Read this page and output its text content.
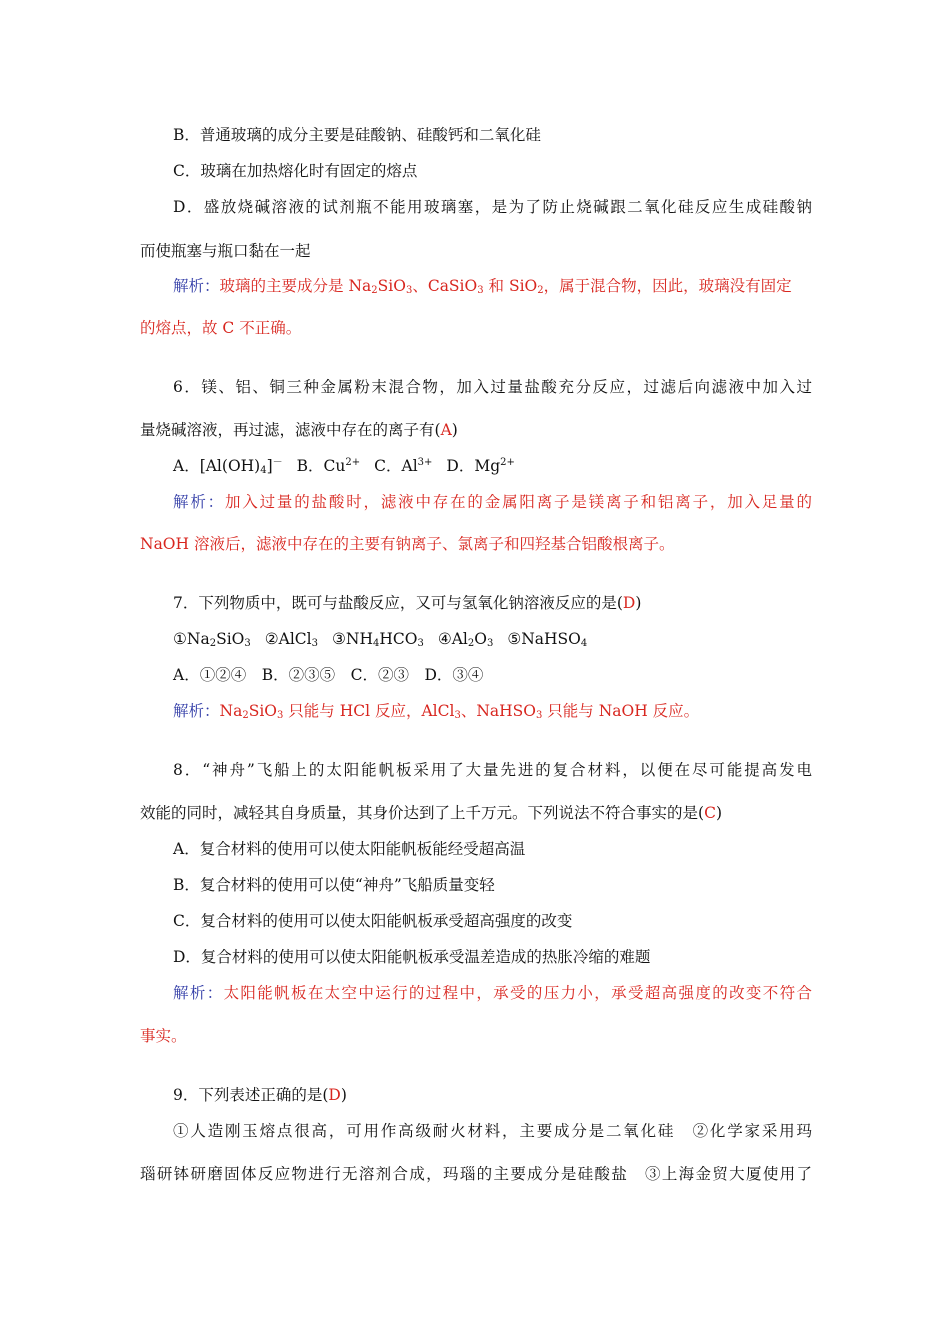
B．普通玻璃的成分主要是硅酸钠、硅酸钙和二氧化硅
C．玻璃在加热熔化时有固定的熔点
D．盛放烧碱溶液的试剂瓶不能用玻璃塞，是为了防止烧碱跟二氧化硅反应生成硅酸钠
而使瓶塞与瓶口黏在一起
解析：玻璃的主要成分是 $Na_2SiO_3$、CaSiO$_3$ 和 SiO$_2$，属于混合物，因此，玻璃没有固定
的熔点，故 C 不正确。
6．镁、铝、铜三种金属粉末混合物，加入过量盐酸充分反应，过滤后向滤液中加入过
量烧碱溶液，再过滤，滤液中存在的离子有(A)
A．$[Al(OH)_4]^-$ B．$Cu^{2+}$ C．$Al^{3+}$ D．$Mg^{2+}$
解析：加入过量的盐酸时，滤液中存在的金属阳离子是镁离子和铝离子，加入足量的
NaOH 溶液后，滤液中存在的主要有钠离子、氯离子和四羟基合铝酸根离子。
7．下列物质中，既可与盐酸反应，又可与氢氧化钠溶液反应的是(D)
$①Na_2SiO_3$ ②AlCl$_3$ $③NH_4HCO_3$ $④Al_2O_3$ ⑤NaHSO$_4$
A．①②④　B．②③⑤　C．②③　D．③④
解析：$Na_2SiO_3$ 只能与 HCl 反应，AlCl$_3$、NaHSO$_3$ 只能与 NaOH 反应。
8．“神舟”飞船上的太阳能帆板采用了大量先进的复合材料，以便在尽可能提高发电
效能的同时，减轻其自身质量，其身价达到了上千万元。下列说法不符合事实的是(C)
A．复合材料的使用可以使太阳能帆板能经受超高温
B．复合材料的使用可以使“神舟”飞船质量变轻
C．复合材料的使用可以使太阳能帆板承受超高强度的改变
D．复合材料的使用可以使太阳能帆板承受温差造成的热胀冷缩的难题
解析：太阳能帆板在太空中运行的过程中，承受的压力小，承受超高强度的改变不符合
事实。
9．下列表述正确的是(D)
①人造刚玉熔点很高，可用作高级耐火材料，主要成分是二氧化硅　②化学家采用玛
瑙研钵研磨固体反应物进行无溶剂合成，玛瑙的主要成分是硅酸盐　③上海金贸大厦使用了
